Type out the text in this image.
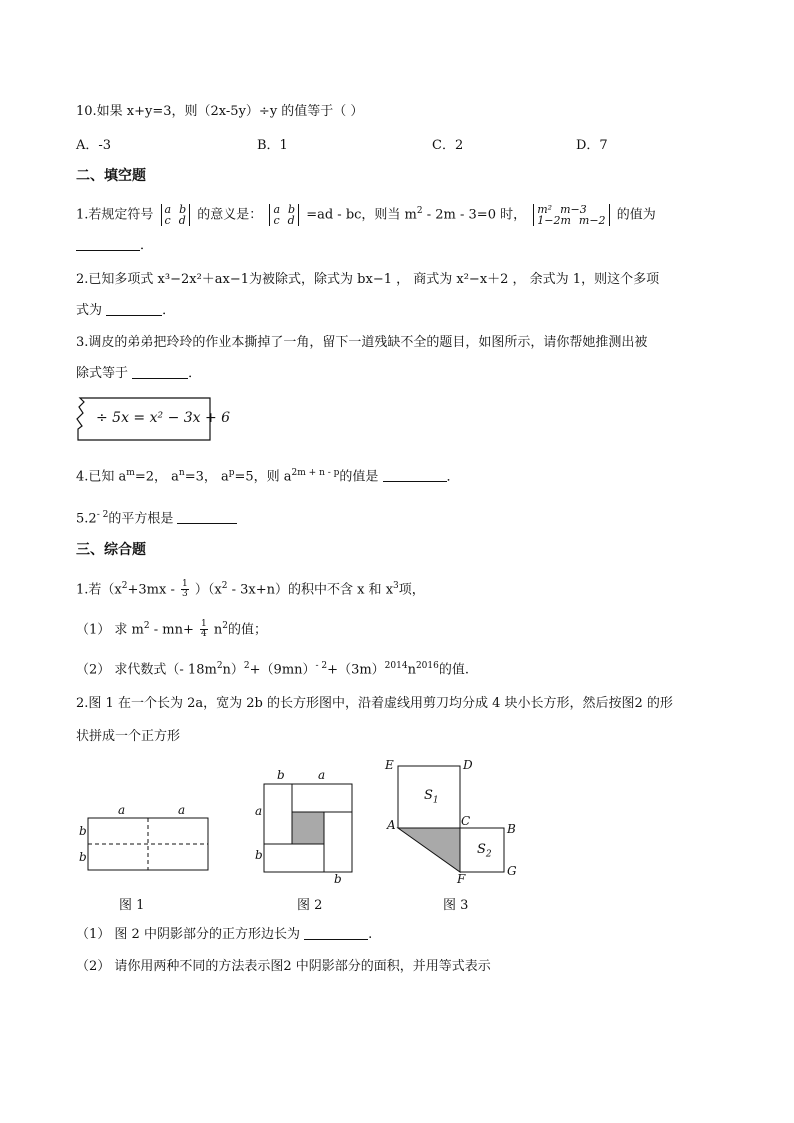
10.如果 x+y=3，则（2x-5y）÷y 的值等于（ ）
A．-3	B．1	C．2	D．7
二、填空题
1.若规定符号 a b
c d 的意义是： a b
c d =ad - bc，则当 $m^2 - 2m - 3=0$ 时， m² m−3
1−2m m−2 的值为
．
2.已知多项式 x³−2x²＋ax−1为被除式，除式为 bx−1 ， 商式为 x²−x＋2 ， 余式为 1，则这个多项
式为	．
3.调皮的弟弟把玲玲的作业本撕掉了一角，留下一道残缺不全的题目，如图所示，请你帮她推测出被
除式等于	．
÷ 5x = x² − 3x + 6
4.已知 $a^m=2$， $a^n=3$， $a^p=5$，则 $a^{2m + n - p}$的值是	．
$5.2^{- 2}$的平方根是
三、综合题
1.若$(x^2+3mx - \frac{1}{3} )(x^2 - 3x+n)$的积中不含 x 和 $x^3$项，
（1） 求 $m^2 - mn+ \frac{1}{4} n^2$的值；
（2） 求代数式（- $18m^2n)^2+(9mn)^{- 2}+(3m)^{2014}n^{2016}$的值.
2.图 1 在一个长为 2a，宽为 2b 的长方形图中，沿着虚线用剪刀均分成 4 块小长方形，然后按图2 的形
状拼成一个正方形
a	a
b
b
图 1
b	a
a
b
b
图 2
E	D
$S_1$
A	C
B
$S_2$
F
G
图 3
（1） 图 2 中阴影部分的正方形边长为	.
（2） 请你用两种不同的方法表示图2 中阴影部分的面积，并用等式表示
